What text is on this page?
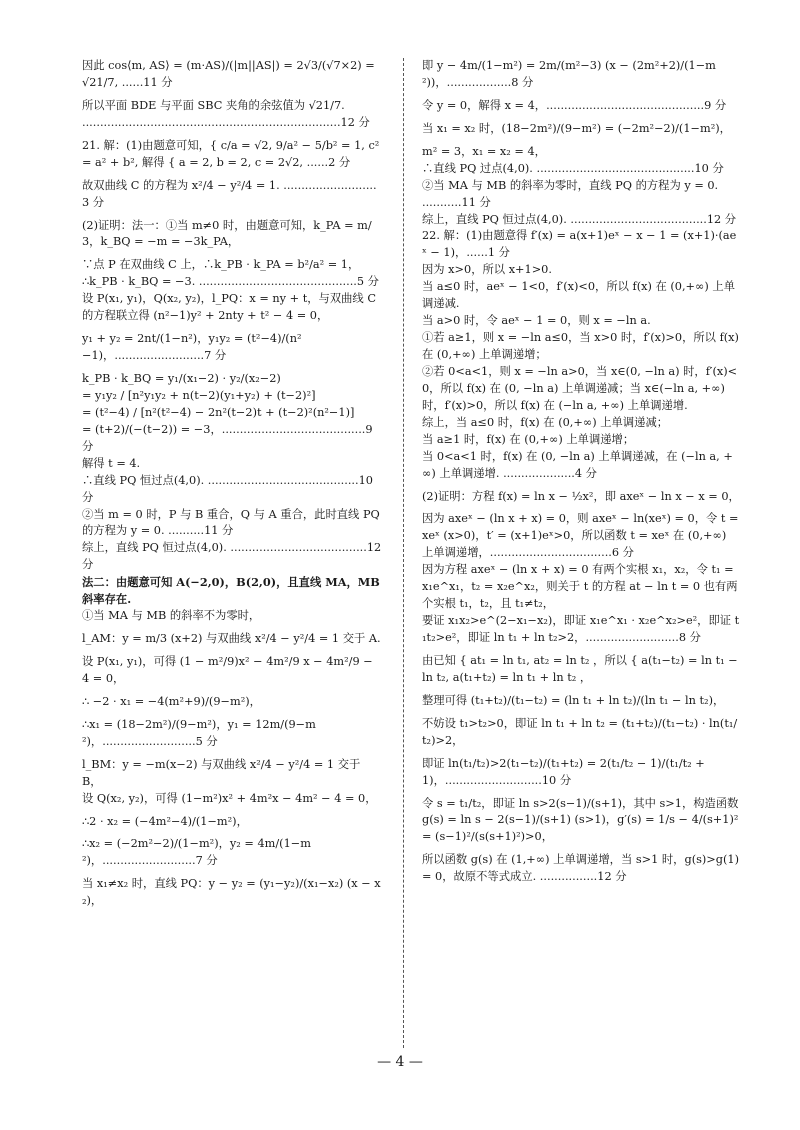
因此 cos⟨m, AS⟩ = (m·AS)/(|m||AS|) = 2√3/(√7×2) = √21/7, ......11 分

所以平面 BDE 与平面 SBC 夹角的余弦值为 √21/7.

........................................................................12 分

21. 解：(1)由题意可知，{ c/a = √2, 9/a² − 5/b² = 1, c² = a² + b², 解得 { a = 2, b = 2, c = 2√2, ......2 分

故双曲线 C 的方程为 x²/4 − y²/4 = 1. ..........................3 分

(2)证明：法一：①当 m≠0 时，由题意可知，k_PA = m/3，k_BQ = −m = −3k_PA，

∵点 P 在双曲线 C 上，∴k_PB · k_PA = b²/a² = 1，

∴k_PB · k_BQ = −3. ............................................5 分

设 P(x₁, y₁)，Q(x₂, y₂)，l_PQ：x = ny + t，与双曲线 C 的方程联立得 (n²−1)y² + 2nty + t² − 4 = 0，

y₁ + y₂ = 2nt/(1−n²)，y₁y₂ = (t²−4)/(n²−1)，.........................7 分

k_PB · k_BQ = y₁/(x₁−2) · y₂/(x₂−2)

= y₁y₂ / [n²y₁y₂ + n(t−2)(y₁+y₂) + (t−2)²]

= (t²−4) / [n²(t²−4) − 2n²(t−2)t + (t−2)²(n²−1)]

= (t+2)/(−(t−2)) = −3，........................................9 分

解得 t = 4.

∴直线 PQ 恒过点(4,0). ..........................................10 分

②当 m = 0 时，P 与 B 重合，Q 与 A 重合，此时直线 PQ 的方程为 y = 0. ..........11 分

综上，直线 PQ 恒过点(4,0). ......................................12 分

法二：由题意可知 A(−2,0)，B(2,0)，且直线 MA，MB 斜率存在.

①当 MA 与 MB 的斜率不为零时，

l_AM：y = m/3 (x+2) 与双曲线 x²/4 − y²/4 = 1 交于 A.

设 P(x₁, y₁)，可得 (1 − m²/9)x² − 4m²/9 x − 4m²/9 − 4 = 0，

∴ −2 · x₁ = −4(m²+9)/(9−m²)，

∴x₁ = (18−2m²)/(9−m²)，y₁ = 12m/(9−m²)，..........................5 分

l_BM：y = −m(x−2) 与双曲线 x²/4 − y²/4 = 1 交于 B，

设 Q(x₂, y₂)，可得 (1−m²)x² + 4m²x − 4m² − 4 = 0，

∴2 · x₂ = (−4m²−4)/(1−m²)，

∴x₂ = (−2m²−2)/(1−m²)，y₂ = 4m/(1−m²)，..........................7 分

当 x₁≠x₂ 时，直线 PQ：y − y₂ = (y₁−y₂)/(x₁−x₂) (x − x₂)，

即 y − 4m/(1−m²) = 2m/(m²−3) (x − (2m²+2)/(1−m²))，..................8 分

令 y = 0，解得 x = 4，............................................9 分

当 x₁ = x₂ 时，(18−2m²)/(9−m²) = (−2m²−2)/(1−m²)，

m² = 3，x₁ = x₂ = 4，

∴直线 PQ 过点(4,0). ............................................10 分

②当 MA 与 MB 的斜率为零时，直线 PQ 的方程为 y = 0. ...........11 分

综上，直线 PQ 恒过点(4,0). ......................................12 分

22. 解：(1)由题意得 f′(x) = a(x+1)eˣ − x − 1 = (x+1)·(aeˣ − 1)，......1 分

因为 x>0，所以 x+1>0.

当 a≤0 时，aeˣ − 1<0，f′(x)<0，所以 f(x) 在 (0,+∞) 上单调递减.

当 a>0 时，令 aeˣ − 1 = 0，则 x = −ln a.

①若 a≥1，则 x = −ln a≤0，当 x>0 时，f′(x)>0，所以 f(x) 在 (0,+∞) 上单调递增；

②若 0<a<1，则 x = −ln a>0，当 x∈(0, −ln a) 时，f′(x)<0，所以 f(x) 在 (0, −ln a) 上单调递减；当 x∈(−ln a, +∞) 时，f′(x)>0，所以 f(x) 在 (−ln a, +∞) 上单调递增.

综上，当 a≤0 时，f(x) 在 (0,+∞) 上单调递减；

当 a≥1 时，f(x) 在 (0,+∞) 上单调递增；

当 0<a<1 时，f(x) 在 (0, −ln a) 上单调递减，在 (−ln a, +∞) 上单调递增. ....................4 分

(2)证明：方程 f(x) = ln x − ½x²，即 axeˣ − ln x − x = 0，

因为 axeˣ − (ln x + x) = 0，则 axeˣ − ln(xeˣ) = 0，令 t = xeˣ (x>0)，t′ = (x+1)eˣ>0，所以函数 t = xeˣ 在 (0,+∞) 上单调递增，..................................6 分

因为方程 axeˣ − (ln x + x) = 0 有两个实根 x₁，x₂，令 t₁ = x₁e^x₁，t₂ = x₂e^x₂，则关于 t 的方程 at − ln t = 0 也有两个实根 t₁，t₂，且 t₁≠t₂，

要证 x₁x₂>e^(2−x₁−x₂)，即证 x₁e^x₁ · x₂e^x₂>e²，即证 t₁t₂>e²，即证 ln t₁ + ln t₂>2，..........................8 分

由已知 { at₁ = ln t₁, at₂ = ln t₂ ，所以 { a(t₁−t₂) = ln t₁ − ln t₂, a(t₁+t₂) = ln t₁ + ln t₂ ，

整理可得 (t₁+t₂)/(t₁−t₂) = (ln t₁ + ln t₂)/(ln t₁ − ln t₂)，

不妨设 t₁>t₂>0，即证 ln t₁ + ln t₂ = (t₁+t₂)/(t₁−t₂) · ln(t₁/t₂)>2，

即证 ln(t₁/t₂)>2(t₁−t₂)/(t₁+t₂) = 2(t₁/t₂ − 1)/(t₁/t₂ + 1)，...........................10 分

令 s = t₁/t₂，即证 ln s>2(s−1)/(s+1)，其中 s>1，构造函数 g(s) = ln s − 2(s−1)/(s+1) (s>1)，g′(s) = 1/s − 4/(s+1)² = (s−1)²/(s(s+1)²)>0，

所以函数 g(s) 在 (1,+∞) 上单调递增，当 s>1 时，g(s)>g(1) = 0，故原不等式成立. ................12 分

— 4 —
